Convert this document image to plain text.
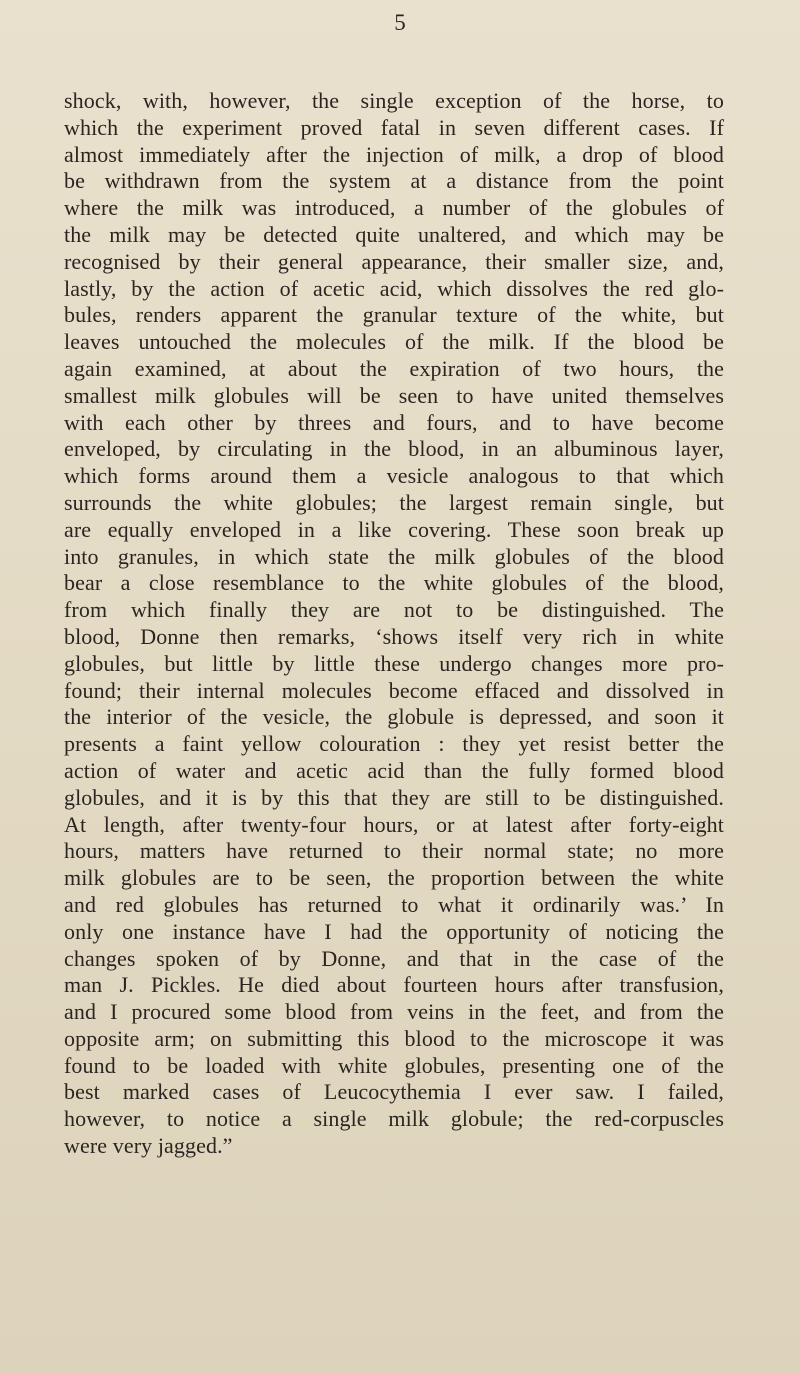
5
shock, with, however, the single exception of the horse, to
which the experiment proved fatal in seven different cases. If
almost immediately after the injection of milk, a drop of blood
be withdrawn from the system at a distance from the point
where the milk was introduced, a number of the globules of
the milk may be detected quite unaltered, and which may be
recognised by their general appearance, their smaller size, and,
lastly, by the action of acetic acid, which dissolves the red glo-
bules, renders apparent the granular texture of the white, but
leaves untouched the molecules of the milk. If the blood be
again examined, at about the expiration of two hours, the
smallest milk globules will be seen to have united themselves
with each other by threes and fours, and to have become
enveloped, by circulating in the blood, in an albuminous layer,
which forms around them a vesicle analogous to that which
surrounds the white globules; the largest remain single, but
are equally enveloped in a like covering. These soon break up
into granules, in which state the milk globules of the blood
bear a close resemblance to the white globules of the blood,
from which finally they are not to be distinguished. The
blood, Donne then remarks, ‘shows itself very rich in white
globules, but little by little these undergo changes more pro-
found; their internal molecules become effaced and dissolved in
the interior of the vesicle, the globule is depressed, and soon it
presents a faint yellow colouration : they yet resist better the
action of water and acetic acid than the fully formed blood
globules, and it is by this that they are still to be distinguished.
At length, after twenty-four hours, or at latest after forty-eight
hours, matters have returned to their normal state; no more
milk globules are to be seen, the proportion between the white
and red globules has returned to what it ordinarily was.’ In
only one instance have I had the opportunity of noticing the
changes spoken of by Donne, and that in the case of the
man J. Pickles. He died about fourteen hours after transfusion,
and I procured some blood from veins in the feet, and from the
opposite arm; on submitting this blood to the microscope it was
found to be loaded with white globules, presenting one of the
best marked cases of Leucocythemia I ever saw. I failed,
however, to notice a single milk globule; the red-corpuscles
were very jagged.”
